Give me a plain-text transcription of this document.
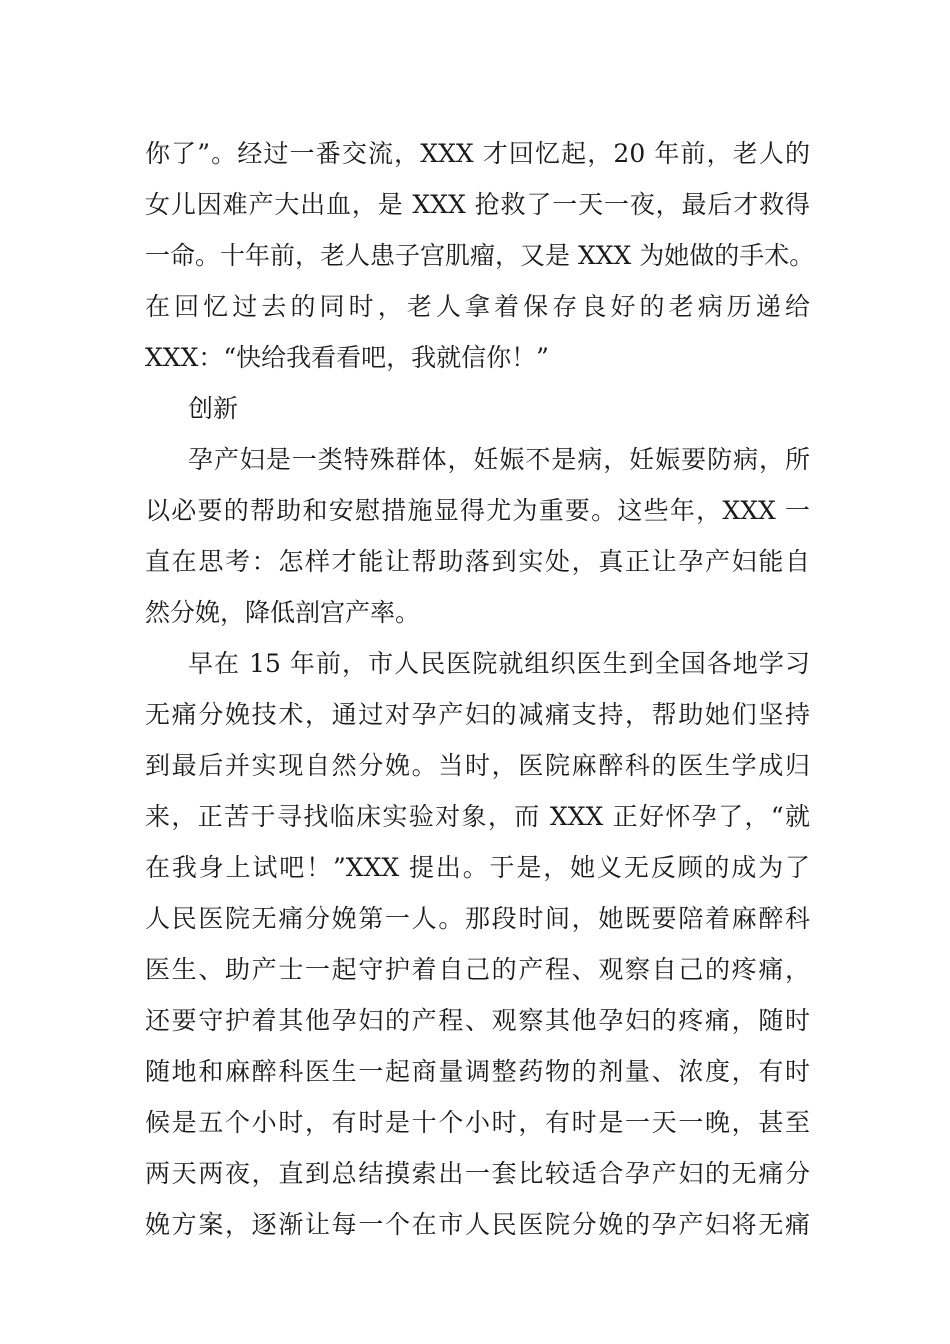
你了”。经过一番交流，XXX 才回忆起，20 年前，老人的
女儿因难产大出血，是 XXX 抢救了一天一夜，最后才救得
一命。十年前，老人患子宫肌瘤，又是 XXX 为她做的手术。
在回忆过去的同时，老人拿着保存良好的老病历递给
XXX：“快给我看看吧，我就信你！”
创新
孕产妇是一类特殊群体，妊娠不是病，妊娠要防病，所
以必要的帮助和安慰措施显得尤为重要。这些年，XXX 一
直在思考：怎样才能让帮助落到实处，真正让孕产妇能自
然分娩，降低剖宫产率。
早在 15 年前，市人民医院就组织医生到全国各地学习
无痛分娩技术，通过对孕产妇的减痛支持，帮助她们坚持
到最后并实现自然分娩。当时，医院麻醉科的医生学成归
来，正苦于寻找临床实验对象，而 XXX 正好怀孕了，“就
在我身上试吧！”XXX 提出。于是，她义无反顾的成为了
人民医院无痛分娩第一人。那段时间，她既要陪着麻醉科
医生、助产士一起守护着自己的产程、观察自己的疼痛，
还要守护着其他孕妇的产程、观察其他孕妇的疼痛，随时
随地和麻醉科医生一起商量调整药物的剂量、浓度，有时
候是五个小时，有时是十个小时，有时是一天一晚，甚至
两天两夜，直到总结摸索出一套比较适合孕产妇的无痛分
娩方案，逐渐让每一个在市人民医院分娩的孕产妇将无痛
